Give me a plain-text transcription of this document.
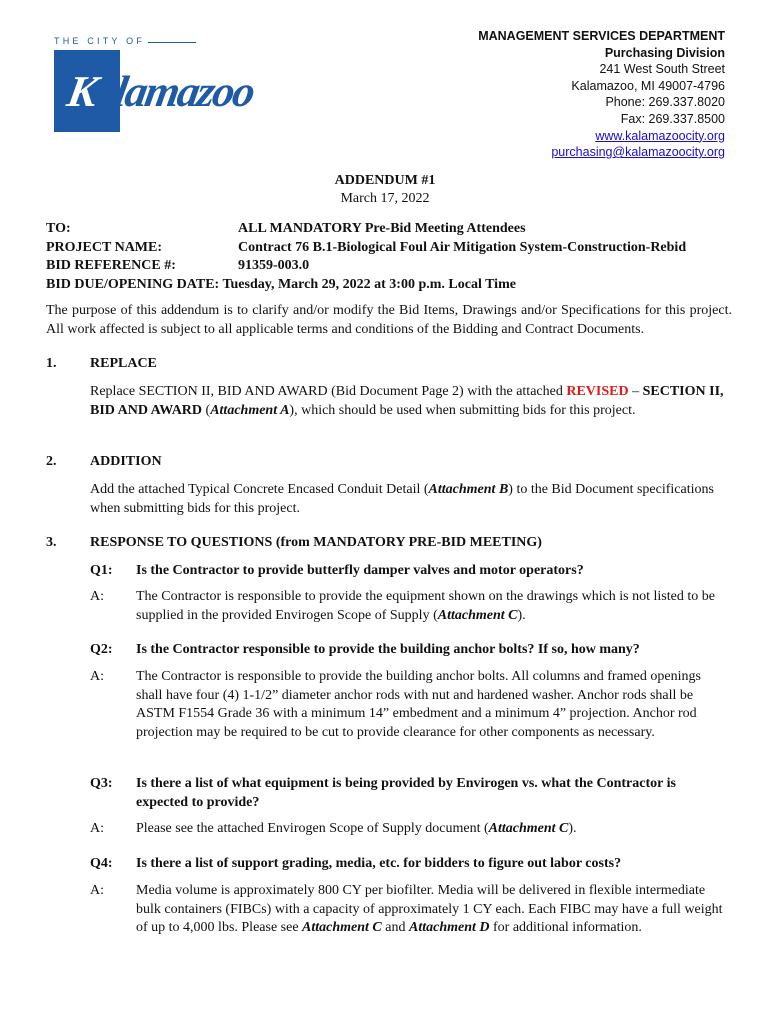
THE CITY OF
Kalamazoo
MANAGEMENT SERVICES DEPARTMENT
Purchasing Division
241 West South Street
Kalamazoo, MI 49007-4796
Phone: 269.337.8020
Fax: 269.337.8500
www.kalamazoocity.org
purchasing@kalamazoocity.org
ADDENDUM #1
March 17, 2022
TO:	ALL MANDATORY Pre-Bid Meeting Attendees
PROJECT NAME:	Contract 76 B.1-Biological Foul Air Mitigation System-Construction-Rebid
BID REFERENCE #:	91359-003.0
BID DUE/OPENING DATE: Tuesday, March 29, 2022 at 3:00 p.m. Local Time
The purpose of this addendum is to clarify and/or modify the Bid Items, Drawings and/or Specifications for this project. All work affected is subject to all applicable terms and conditions of the Bidding and Contract Documents.
1. REPLACE
Replace SECTION II, BID AND AWARD (Bid Document Page 2) with the attached REVISED – SECTION II, BID AND AWARD (Attachment A), which should be used when submitting bids for this project.
2. ADDITION
Add the attached Typical Concrete Encased Conduit Detail (Attachment B) to the Bid Document specifications when submitting bids for this project.
3. RESPONSE TO QUESTIONS (from MANDATORY PRE-BID MEETING)
Q1: Is the Contractor to provide butterfly damper valves and motor operators?
A: The Contractor is responsible to provide the equipment shown on the drawings which is not listed to be supplied in the provided Envirogen Scope of Supply (Attachment C).
Q2: Is the Contractor responsible to provide the building anchor bolts? If so, how many?
A: The Contractor is responsible to provide the building anchor bolts. All columns and framed openings shall have four (4) 1-1/2” diameter anchor rods with nut and hardened washer. Anchor rods shall be ASTM F1554 Grade 36 with a minimum 14” embedment and a minimum 4” projection. Anchor rod projection may be required to be cut to provide clearance for other components as necessary.
Q3: Is there a list of what equipment is being provided by Envirogen vs. what the Contractor is expected to provide?
A: Please see the attached Envirogen Scope of Supply document (Attachment C).
Q4: Is there a list of support grading, media, etc. for bidders to figure out labor costs?
A: Media volume is approximately 800 CY per biofilter. Media will be delivered in flexible intermediate bulk containers (FIBCs) with a capacity of approximately 1 CY each. Each FIBC may have a full weight of up to 4,000 lbs. Please see Attachment C and Attachment D for additional information.
